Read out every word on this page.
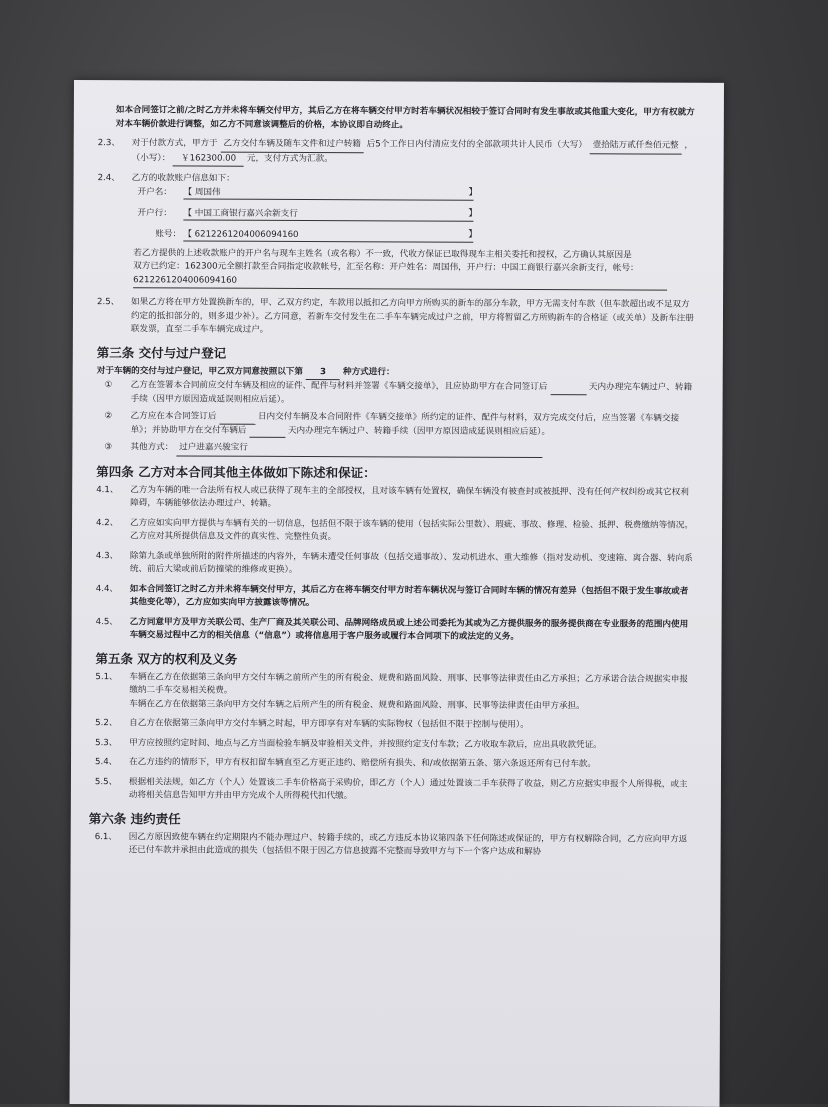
如本合同签订之前/之时乙方并未将车辆交付甲方，其后乙方在将车辆交付甲方时若车辆状况相较于签订合同时有发生事故或其他重大变化，甲方有权就方对本车辆价款进行调整，如乙方不同意该调整后的价格，本协议即自动终止。

2.3、 对于付款方式，甲方于 乙方交付车辆及随车文件和过户转籍 后5个工作日内付清应支付的全部款项共计人民币（大写） 壹拾陆万贰仟叁佰元整 ，（小写）： ￥162300.00 元，支付方式为汇款。
2.4、 乙方的收款账户信息如下：
开户名： 【 周国伟	】
开户行： 【 中国工商银行嘉兴余新支行	】
账号： 【 6212261204006094160	】

若乙方提供的上述收款账户的开户名与现车主姓名（或名称）不一致，代收方保证已取得现车主相关委托和授权，乙方确认其原因是

双方已约定：162300元全额打款至合同指定收款帐号，汇至名称：开户姓名：周国伟，开户行：中国工商银行嘉兴余新支行，帐号：6212261204006094160

2.5、 如果乙方将在甲方处置换新车的，甲、乙双方约定，车款用以抵扣乙方向甲方所购买的新车的部分车款，甲方无需支付车款（但车款超出或不足双方约定的抵扣部分的，则多退少补）。乙方同意，若新车交付发生在二手车车辆完成过户之前，甲方将暂留乙方所购新车的合格证（或关单）及新车注册联发票，直至二手车车辆完成过户。
第三条 交付与过户登记

对于车辆的交付与过户登记，甲乙双方同意按照以下第 3 种方式进行：

① 乙方在签署本合同前应交付车辆及相应的证件、配件与材料并签署《车辆交接单》，且应协助甲方在合同签订后	天内办理完车辆过户、转籍手续（因甲方原因造成延误则相应后延）。
② 乙方应在本合同签订后	日内交付车辆及本合同附件《车辆交接单》所约定的证件、配件与材料，双方完成交付后，应当签署《车辆交接单》；并协助甲方在交付车辆后	天内办理完车辆过户、转籍手续（因甲方原因造成延误则相应后延）。
③ 其他方式： 过户进嘉兴骏宝行
第四条 乙方对本合同其他主体做如下陈述和保证：
4.1、 乙方为车辆的唯一合法所有权人或已获得了现车主的全部授权，且对该车辆有处置权，确保车辆没有被查封或被抵押、没有任何产权纠纷或其它权利障碍，车辆能够依法办理过户、转籍。
4.2、 乙方应如实向甲方提供与车辆有关的一切信息，包括但不限于该车辆的使用（包括实际公里数）、瑕疵、事故、修理、检验、抵押、税费缴纳等情况。乙方应对其所提供信息及文件的真实性、完整性负责。
4.3、 除第九条或单独所附的附件所描述的内容外，车辆未遭受任何事故（包括交通事故）、发动机进水、重大维修（指对发动机、变速箱、离合器、转向系统、前后大梁或前后防撞梁的维修或更换）。
4.4、 如本合同签订之时乙方并未将车辆交付甲方，其后乙方在将车辆交付甲方时若车辆状况与签订合同时车辆的情况有差异（包括但不限于发生事故或者其他变化等），乙方应如实向甲方披露该等情况。
4.5、 乙方同意甲方及甲方关联公司、生产厂商及其关联公司、品牌网络成员或上述公司委托为其或为乙方提供服务的服务提供商在专业服务的范围内使用车辆交易过程中乙方的相关信息（“信息”）或将信息用于客户服务或履行本合同项下的或法定的义务。
第五条 双方的权利及义务
5.1、 车辆在乙方在依据第三条向甲方交付车辆之前所产生的所有税金、规费和路面风险、刑事、民事等法律责任由乙方承担；乙方承诺合法合规据实申报缴纳二手车交易相关税费。

车辆在乙方在依据第三条向甲方交付车辆之后所产生的所有税金、规费和路面风险、刑事、民事等法律责任由甲方承担。

5.2、 自乙方在依据第三条向甲方交付车辆之时起，甲方即享有对车辆的实际物权（包括但不限于控制与使用）。
5.3、 甲方应按照约定时间、地点与乙方当面检验车辆及审验相关文件，并按照约定支付车款；乙方收取车款后，应出具收款凭证。
5.4、 在乙方违约的情形下，甲方有权扣留车辆直至乙方更正违约、赔偿所有损失、和/或依据第五条、第六条返还所有已付车款。
5.5、 根据相关法规，如乙方（个人）处置该二手车价格高于采购价，即乙方（个人）通过处置该二手车获得了收益，则乙方应据实申报个人所得税，或主动将相关信息告知甲方并由甲方完成个人所得税代扣代缴。
第六条 违约责任
6.1、 因乙方原因致使车辆在约定期限内不能办理过户、转籍手续的，或乙方违反本协议第四条下任何陈述或保证的，甲方有权解除合同，乙方应向甲方返还已付车款并承担由此造成的损失（包括但不限于因乙方信息披露不完整而导致甲方与下一个客户达成和解协
